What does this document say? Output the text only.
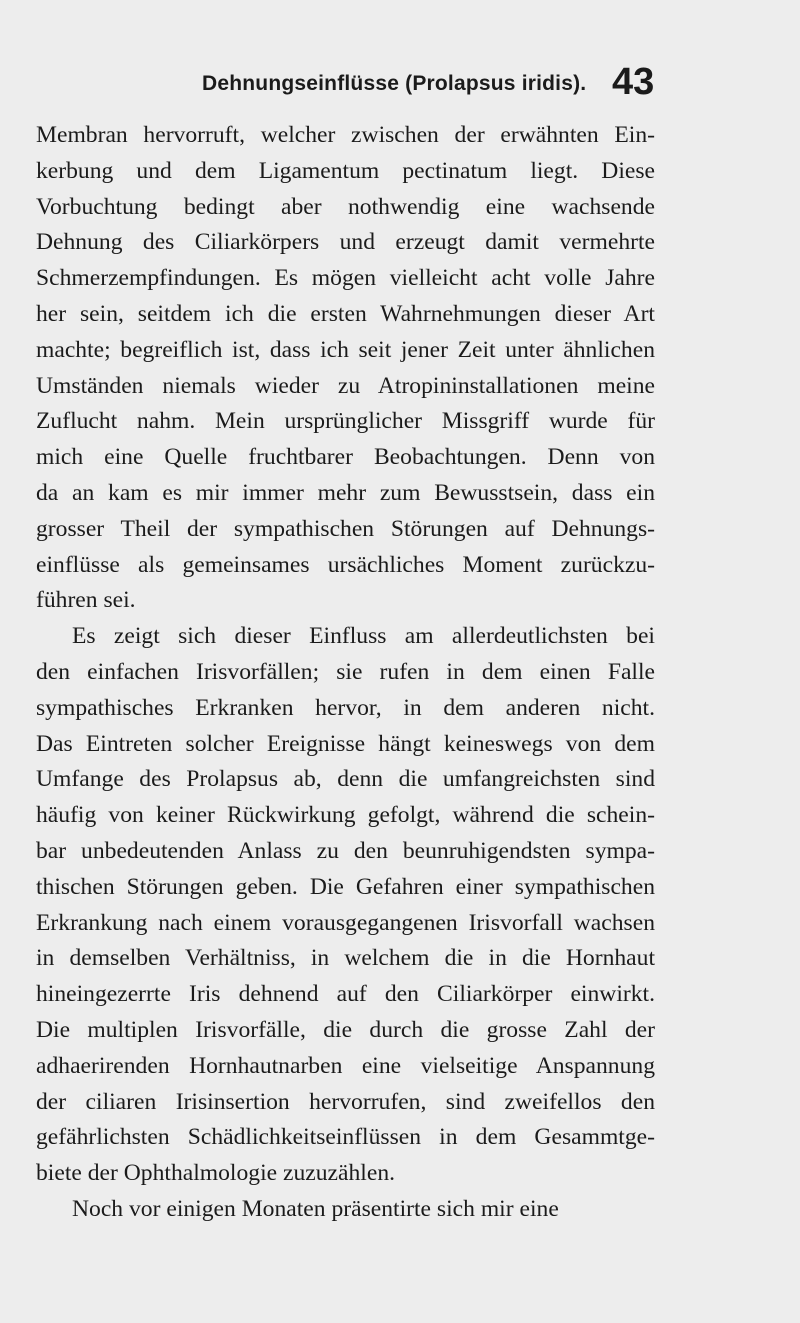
Dehnungseinflüsse (Prolapsus iridis). 43
Membran hervorruft, welcher zwischen der erwähnten Ein-
kerbung und dem Ligamentum pectinatum liegt. Diese
Vorbuchtung bedingt aber nothwendig eine wachsende
Dehnung des Ciliarkörpers und erzeugt damit vermehrte
Schmerzempfindungen. Es mögen vielleicht acht volle Jahre
her sein, seitdem ich die ersten Wahrnehmungen dieser Art
machte; begreiflich ist, dass ich seit jener Zeit unter ähnlichen
Umständen niemals wieder zu Atropininstallationen meine
Zuflucht nahm. Mein ursprünglicher Missgriff wurde für
mich eine Quelle fruchtbarer Beobachtungen. Denn von
da an kam es mir immer mehr zum Bewusstsein, dass ein
grosser Theil der sympathischen Störungen auf Dehnungs-
einflüsse als gemeinsames ursächliches Moment zurückzu-
führen sei.
Es zeigt sich dieser Einfluss am allerdeutlichsten bei
den einfachen Irisvorfällen; sie rufen in dem einen Falle
sympathisches Erkranken hervor, in dem anderen nicht.
Das Eintreten solcher Ereignisse hängt keineswegs von dem
Umfange des Prolapsus ab, denn die umfangreichsten sind
häufig von keiner Rückwirkung gefolgt, während die schein-
bar unbedeutenden Anlass zu den beunruhigendsten sympa-
thischen Störungen geben. Die Gefahren einer sympathischen
Erkrankung nach einem vorausgegangenen Irisvorfall wachsen
in demselben Verhältniss, in welchem die in die Hornhaut
hineingezerrte Iris dehnend auf den Ciliarkörper einwirkt.
Die multiplen Irisvorfälle, die durch die grosse Zahl der
adhaerirenden Hornhautnarben eine vielseitige Anspannung
der ciliaren Irisinsertion hervorrufen, sind zweifellos den
gefährlichsten Schädlichkeitseinflüssen in dem Gesammtge-
biete der Ophthalmologie zuzuzählen.
Noch vor einigen Monaten präsentirte sich mir eine
